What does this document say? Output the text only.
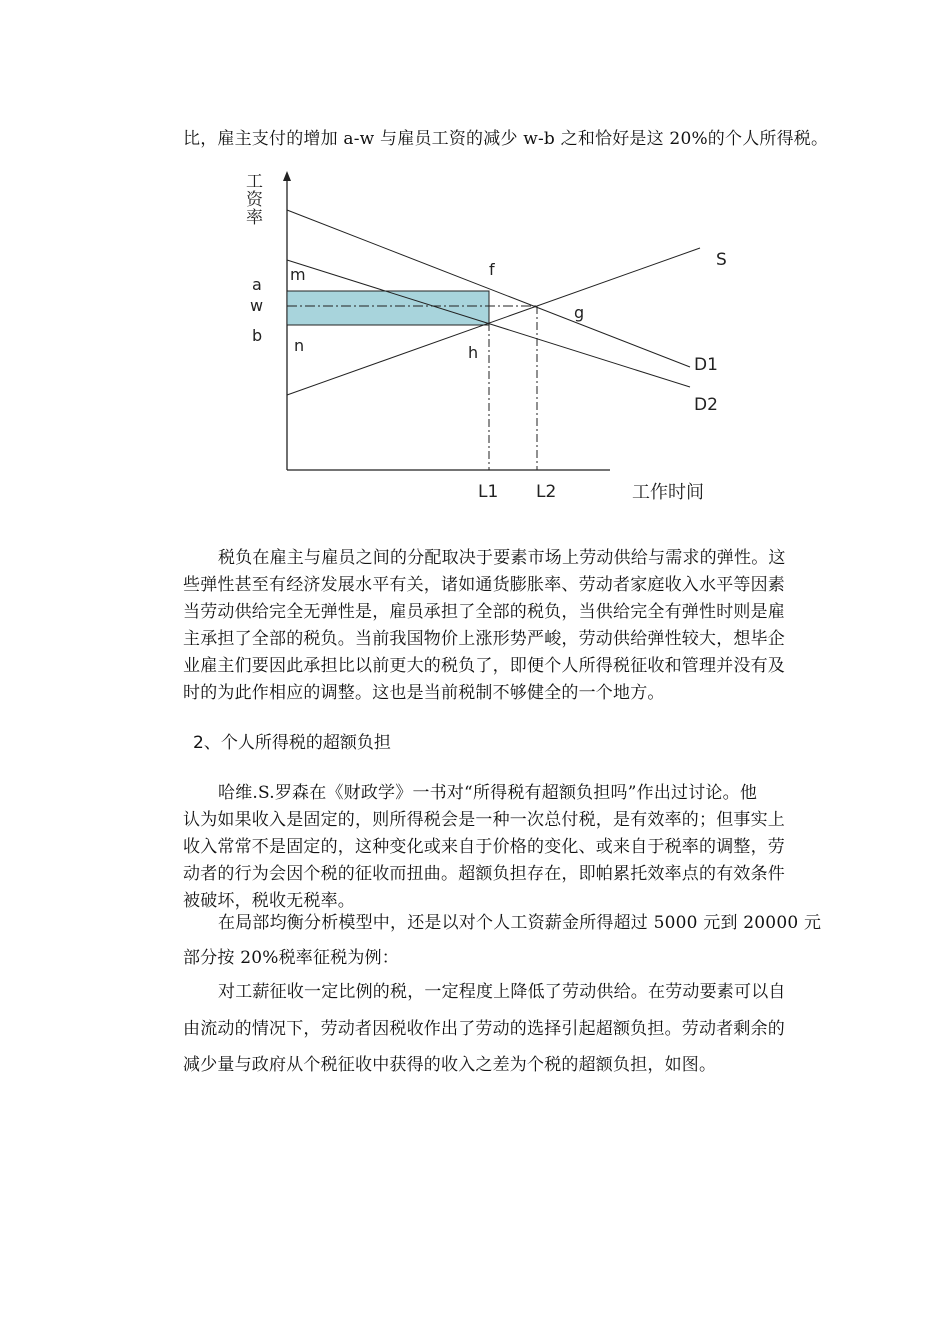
比，雇主支付的增加 a-w 与雇员工资的减少 w-b 之和恰好是这 20%的个人所得税。
工
资
率
a
w
b
m
n
f
g
h
S
D1
D2
L1 L2	工作时间
税负在雇主与雇员之间的分配取决于要素市场上劳动供给与需求的弹性。这
些弹性甚至有经济发展水平有关，诸如通货膨胀率、劳动者家庭收入水平等因素
当劳动供给完全无弹性是，雇员承担了全部的税负，当供给完全有弹性时则是雇
主承担了全部的税负。当前我国物价上涨形势严峻，劳动供给弹性较大，想毕企
业雇主们要因此承担比以前更大的税负了，即便个人所得税征收和管理并没有及
时的为此作相应的调整。这也是当前税制不够健全的一个地方。
2、个人所得税的超额负担
哈维.S.罗森在《财政学》一书对“所得税有超额负担吗”作出过讨论。他
认为如果收入是固定的，则所得税会是一种一次总付税，是有效率的；但事实上
收入常常不是固定的，这种变化或来自于价格的变化、或来自于税率的调整，劳
动者的行为会因个税的征收而扭曲。超额负担存在，即帕累托效率点的有效条件
被破坏，税收无税率。
在局部均衡分析模型中，还是以对个人工资薪金所得超过 5000 元到 20000 元
部分按 20%税率征税为例：
对工薪征收一定比例的税，一定程度上降低了劳动供给。在劳动要素可以自
由流动的情况下，劳动者因税收作出了劳动的选择引起超额负担。劳动者剩余的
减少量与政府从个税征收中获得的收入之差为个税的超额负担，如图。
